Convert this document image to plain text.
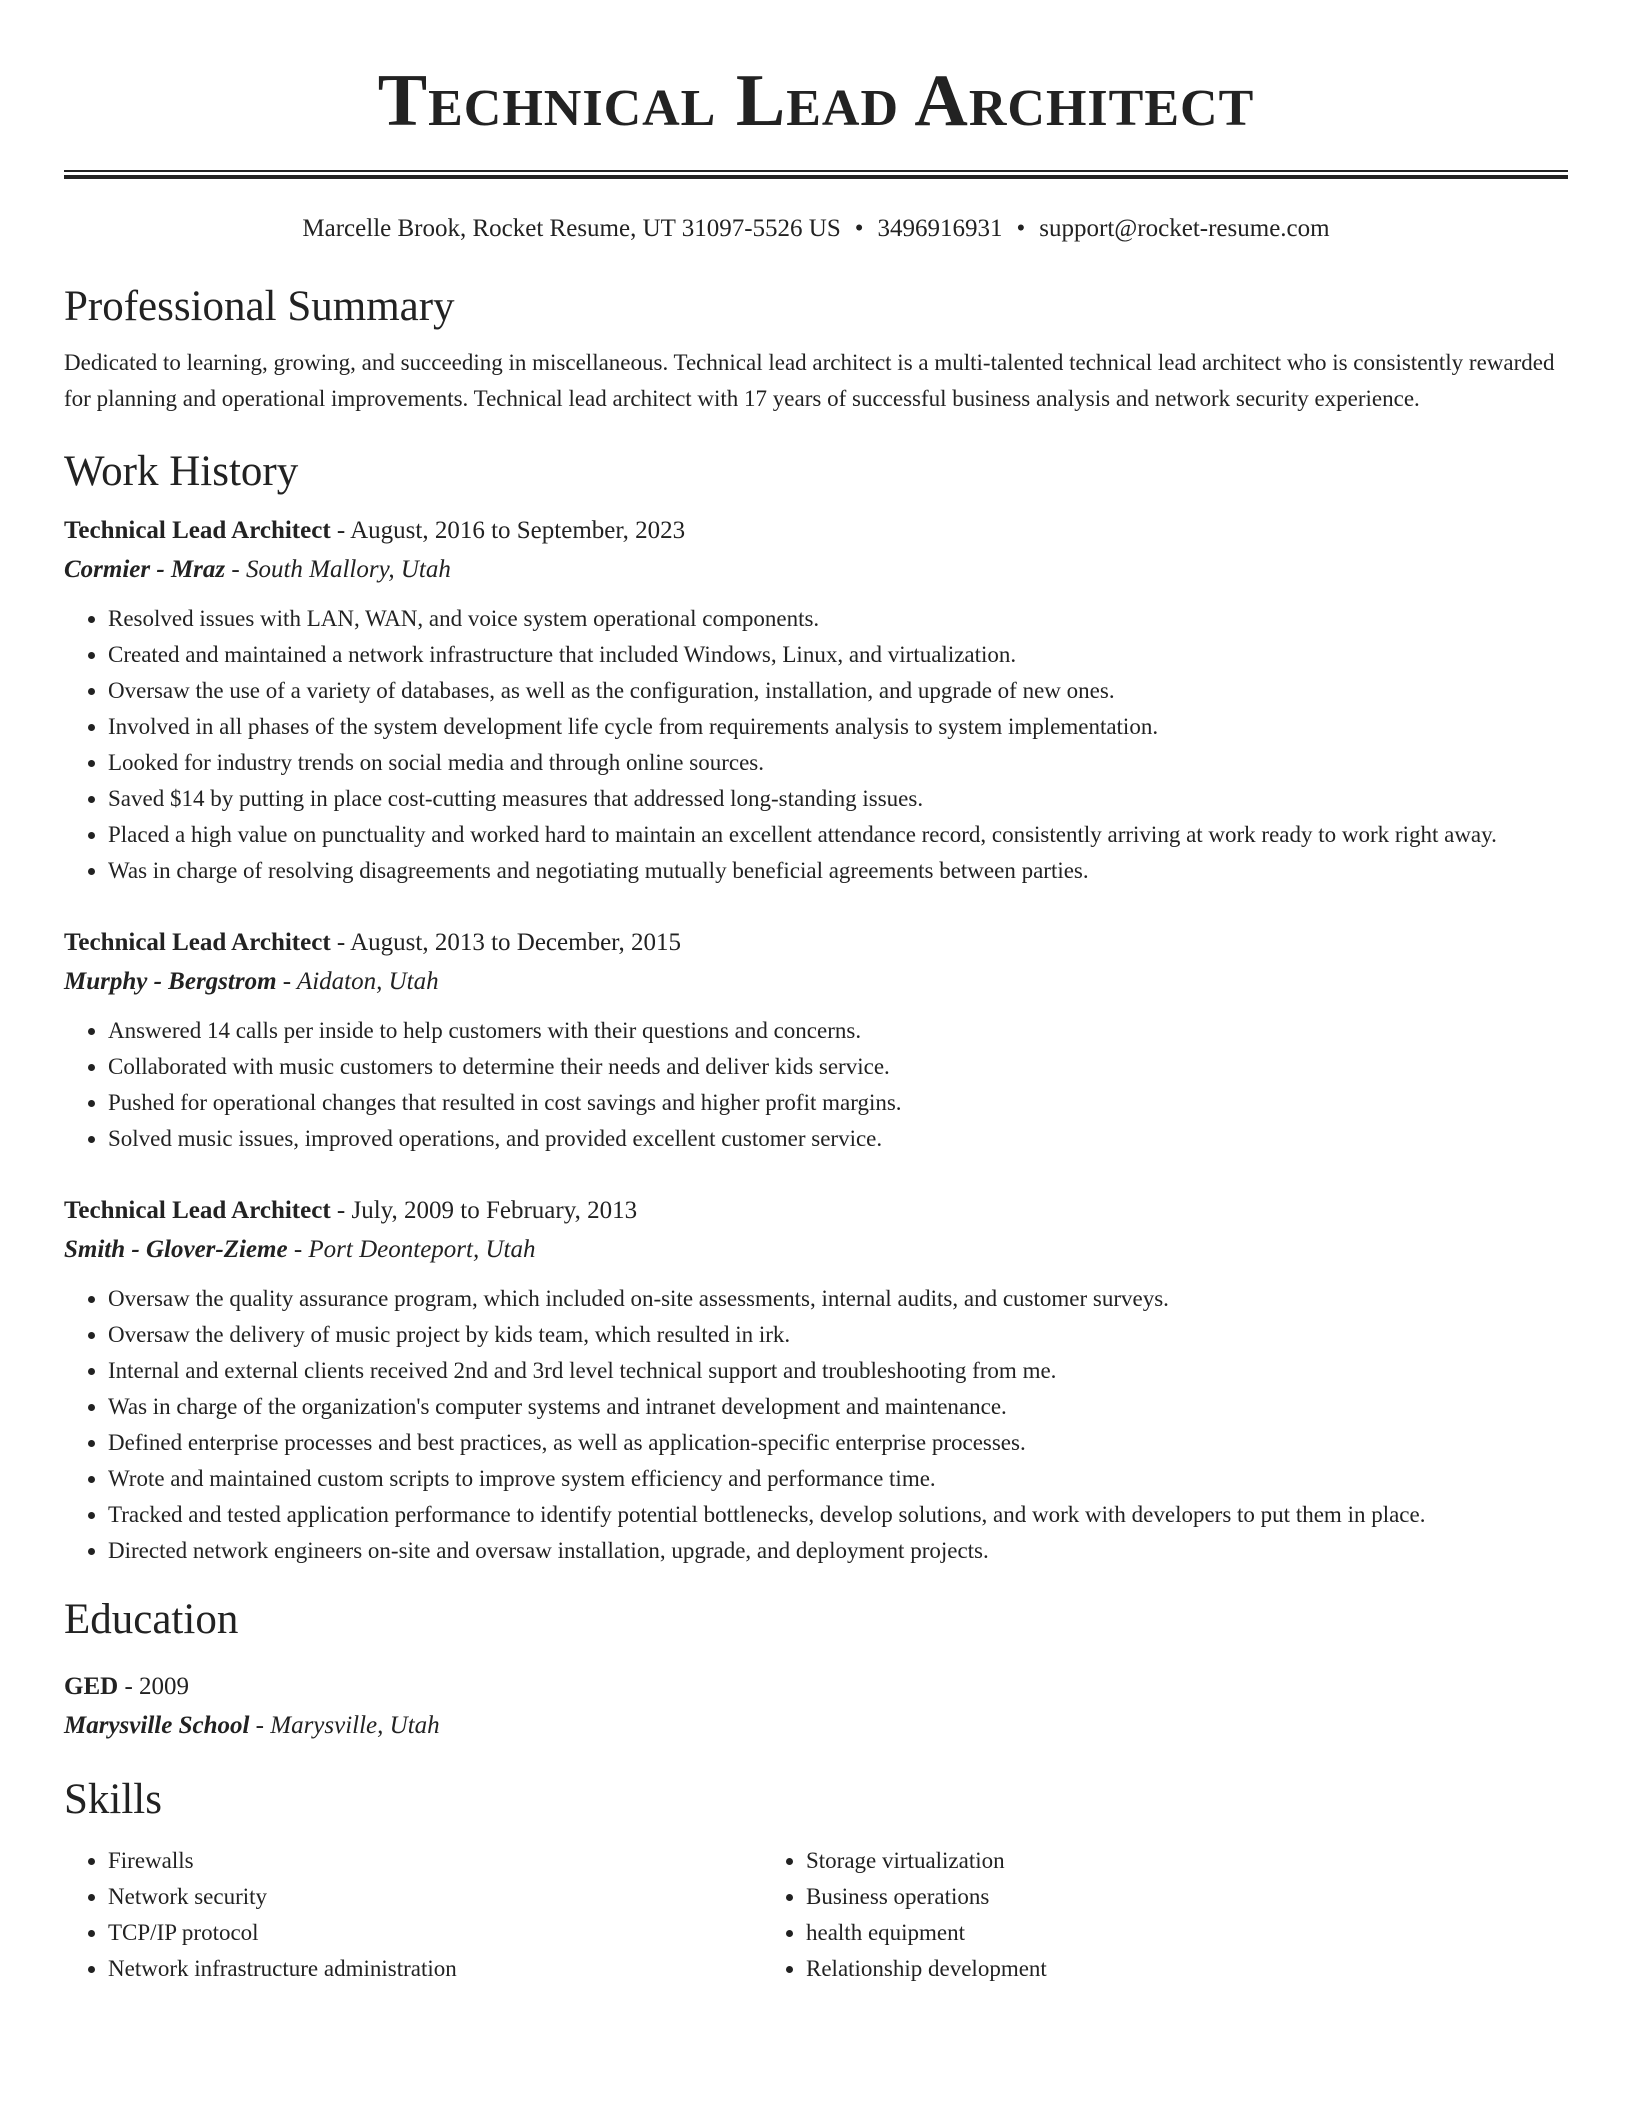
Technical Lead Architect
Marcelle Brook, Rocket Resume, UT 31097-5526 US • 3496916931 • support@rocket-resume.com
Professional Summary

Dedicated to learning, growing, and succeeding in miscellaneous. Technical lead architect is a multi-talented technical lead architect who is consistently rewarded for planning and operational improvements. Technical lead architect with 17 years of successful business analysis and network security experience.

Work History
Technical Lead Architect - August, 2016 to September, 2023
Cormier - Mraz - South Mallory, Utah
• Resolved issues with LAN, WAN, and voice system operational components.
• Created and maintained a network infrastructure that included Windows, Linux, and virtualization.
• Oversaw the use of a variety of databases, as well as the configuration, installation, and upgrade of new ones.
• Involved in all phases of the system development life cycle from requirements analysis to system implementation.
• Looked for industry trends on social media and through online sources.
• Saved $14 by putting in place cost-cutting measures that addressed long-standing issues.
• Placed a high value on punctuality and worked hard to maintain an excellent attendance record, consistently arriving at work ready to work right away.
• Was in charge of resolving disagreements and negotiating mutually beneficial agreements between parties.
Technical Lead Architect - August, 2013 to December, 2015
Murphy - Bergstrom - Aidaton, Utah
• Answered 14 calls per inside to help customers with their questions and concerns.
• Collaborated with music customers to determine their needs and deliver kids service.
• Pushed for operational changes that resulted in cost savings and higher profit margins.
• Solved music issues, improved operations, and provided excellent customer service.
Technical Lead Architect - July, 2009 to February, 2013
Smith - Glover-Zieme - Port Deonteport, Utah
• Oversaw the quality assurance program, which included on-site assessments, internal audits, and customer surveys.
• Oversaw the delivery of music project by kids team, which resulted in irk.
• Internal and external clients received 2nd and 3rd level technical support and troubleshooting from me.
• Was in charge of the organization's computer systems and intranet development and maintenance.
• Defined enterprise processes and best practices, as well as application-specific enterprise processes.
• Wrote and maintained custom scripts to improve system efficiency and performance time.
• Tracked and tested application performance to identify potential bottlenecks, develop solutions, and work with developers to put them in place.
• Directed network engineers on-site and oversaw installation, upgrade, and deployment projects.
Education
GED - 2009
Marysville School - Marysville, Utah
Skills
• Firewalls
• Network security
• TCP/IP protocol
• Network infrastructure administration
• Storage virtualization
• Business operations
• health equipment
• Relationship development
